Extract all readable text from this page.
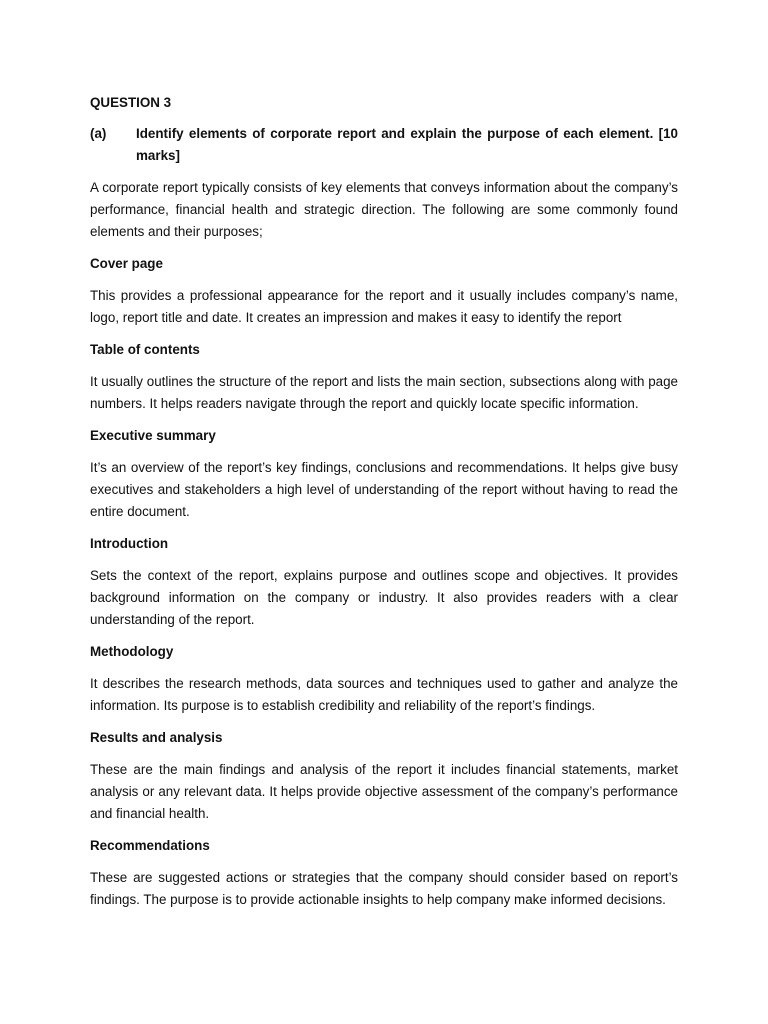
QUESTION 3

(a)	Identify elements of corporate report and explain the purpose of each element. [10 marks]

A corporate report typically consists of key elements that conveys information about the company’s performance, financial health and strategic direction. The following are some commonly found elements and their purposes;

Cover page

This provides a professional appearance for the report and it usually includes company’s name, logo, report title and date. It creates an impression and makes it easy to identify the report

Table of contents

It usually outlines the structure of the report and lists the main section, subsections along with page numbers. It helps readers navigate through the report and quickly locate specific information.

Executive summary

It’s an overview of the report’s key findings, conclusions and recommendations. It helps give busy executives and stakeholders a high level of understanding of the report without having to read the entire document.

Introduction

Sets the context of the report, explains purpose and outlines scope and objectives. It provides background information on the company or industry. It also provides readers with a clear understanding of the report.

Methodology

It describes the research methods, data sources and techniques used to gather and analyze the information. Its purpose is to establish credibility and reliability of the report’s findings.

Results and analysis

These are the main findings and analysis of the report it includes financial statements, market analysis or any relevant data. It helps provide objective assessment of the company’s performance and financial health.

Recommendations

These are suggested actions or strategies that the company should consider based on report’s findings. The purpose is to provide actionable insights to help company make informed decisions.
